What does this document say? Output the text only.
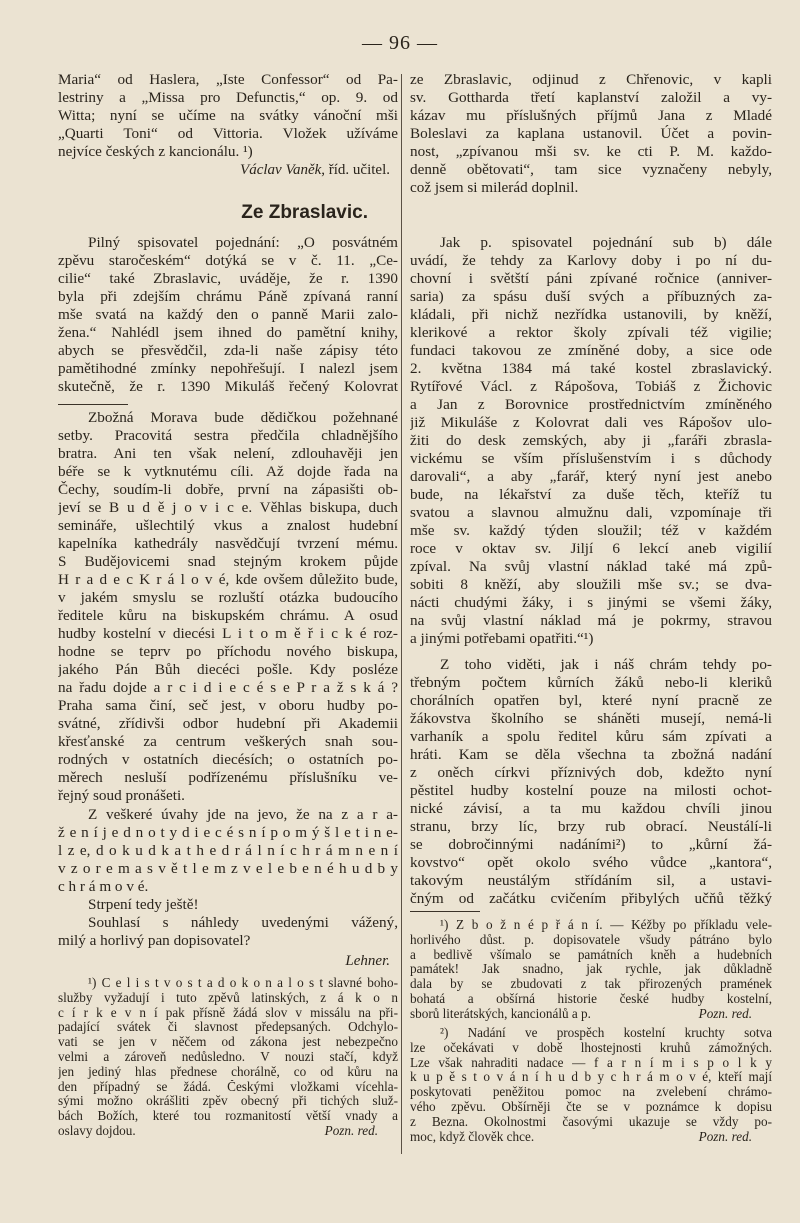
— 96 —
Václav Vaněk, říd. učitel.
Ze Zbraslavic.
Lehner.
Maria“ od Haslera, „Iste Confessor“ od Pa-
lestriny a „Missa pro Defunctis,“ op. 9. od
Witta; nyní se učíme na svátky vánoční mši
„Quarti Toni“ od Vittoria. Vložek užíváme
nejvíce českých z kancionálu. ¹)
Pilný spisovatel pojednání: „O posvátném
zpěvu staročeském“ dotýká se v č. 11. „Ce-
cilie“ také Zbraslavic, uváděje, že r. 1390
byla při zdejším chrámu Páně zpívaná ranní
mše svatá na každý den o panně Marii zalo-
žena.“ Nahlédl jsem ihned do pamětní knihy,
abych se přesvědčil, zda-li naše zápisy této
pamětihodné zmínky nepohřešují. I nalezl jsem
skutečně, že r. 1390 Mikuláš řečený Kolovrat
Zbožná Morava bude dědičkou požehnané
setby. Pracovitá sestra předčila chladnějšího
bratra. Ani ten však nelení, zdlouhavěji jen
béře se k vytknutému cíli. Až dojde řada na
Čechy, soudím-li dobře, první na zápasišti ob-
jeví se B u d ě j o v i c e. Věhlas biskupa, duch
semináře, ušlechtilý vkus a znalost hudební
kapelníka kathedrály nasvědčují tvrzení mému.
S Budějovicemi snad stejným krokem půjde
H r a d e c K r á l o v é, kde ovšem důležito bude,
v jakém smyslu se rozluští otázka budoucího
ředitele kůru na biskupském chrámu. A osud
hudby kostelní v diecési L i t o m ě ř i c k é roz-
hodne se teprv po příchodu nového biskupa,
jakého Pán Bůh diecéci pošle. Kdy posléze
na řadu dojde a r c i d i e c é s e P r a ž s k á ?
Praha sama činí, seč jest, v oboru hudby po-
svátné, zřídivši odbor hudební při Akademii
křesťanské za centrum veškerých snah sou-
rodných v ostatních diecésích; o ostatních po-
měrech nesluší podřízenému příslušníku ve-
řejný soud pronášeti.
Z veškeré úvahy jde na jevo, že na z a r a-
ž e n í j e d n o t y d i e c é s n í p o m ý š l e t i n e-
l z e, d o k u d k a t h e d r á l n í c h r á m n e n í
v z o r e m a s v ě t l e m z v e l e b e n é h u d b y
c h r á m o v é.
Strpení tedy ještě!
Souhlasí s náhledy uvedenými vážený,
milý a horlivý pan dopisovatel?
¹) C e l i s t v o s t a d o k o n a l o s t slavné boho-
služby vyžadují i tuto zpěvů latinských, z á k o n
c í r k e v n í pak přísně žádá slov v missálu na při-
padající svátek či slavnost předepsaných. Odchylo-
vati se jen v něčem od zákona jest nebezpečno
velmi a zároveň nedůsledno. V nouzi stačí, když
jen jediný hlas přednese chorálně, co od kůru na
den případný se žádá. Českými vložkami vícehla-
sými možno okrášliti zpěv obecný při tichých služ-
bách Božích, které tou rozmanitostí větší vnady a
Pozn. red.
oslavy dojdou.
ze Zbraslavic, odjinud z Chřenovic, v kapli
sv. Gottharda třetí kaplanství založil a vy-
kázav mu příslušných příjmů Jana z Mladé
Boleslavi za kaplana ustanovil. Účet a povin-
nost, „zpívanou mši sv. ke cti P. M. každo-
denně obětovati“, tam sice vyznačeny nebyly,
což jsem si milerád doplnil.
Jak p. spisovatel pojednání sub b) dále
uvádí, že tehdy za Karlovy doby i po ní du-
chovní i světští páni zpívané ročnice (anniver-
saria) za spásu duší svých a příbuzných za-
kládali, při nichž nezřídka ustanovili, by kněží,
klerikové a rektor školy zpívali též vigilie;
fundaci takovou ze zmíněné doby, a sice ode
2. května 1384 má také kostel zbraslavický.
Rytířové Václ. z Rápošova, Tobiáš z Žichovic
a Jan z Borovnice prostřednictvím zmíněného
již Mikuláše z Kolovrat dali ves Rápošov ulo-
žiti do desk zemských, aby ji „faráři zbrasla-
vickému se vším příslušenstvím i s důchody
darovali“, a aby „farář, který nyní jest anebo
bude, na lékařství za duše těch, kteříž tu
svatou a slavnou almužnu dali, vzpomínaje tři
mše sv. každý týden sloužil; též v každém
roce v oktav sv. Jiljí 6 lekcí aneb vigilií
zpíval. Na svůj vlastní náklad také má způ-
sobiti 8 kněží, aby sloužili mše sv.; se dva-
nácti chudými žáky, i s jinými se všemi žáky,
na svůj vlastní náklad má je pokrmy, stravou
a jinými potřebami opatřiti.“¹)
Z toho viděti, jak i náš chrám tehdy po-
třebným počtem kůrních žáků nebo-li kleriků
chorálních opatřen byl, které nyní pracně ze
žákovstva školního se sháněti musejí, nemá-li
varhaník a spolu ředitel kůru sám zpívati a
hráti. Kam se děla všechna ta zbožná nadání
z oněch církvi příznivých dob, kdežto nyní
pěstitel hudby kostelní pouze na milosti ochot-
nické závisí, a ta mu každou chvíli jinou
stranu, brzy líc, brzy rub obrací. Neustálí-li
se dobročinnými nadáními²) to „kůrní žá-
kovstvo“ opět okolo svého vůdce „kantora“,
takovým neustálým střídáním sil, a ustavi-
čným od začátku cvičením přibylých učňů těžký
¹) Z b o ž n é p ř á n í. — Kéžby po příkladu vele-
horlivého důst. p. dopisovatele všudy pátráno bylo
a bedlivě všímalo se památních kněh a hudebních
památek! Jak snadno, jak rychle, jak důkladně
dala by se zbudovati z tak přirozených pramének
bohatá a obšírná historie české hudby kostelní,
Pozn. red.
sborů literátských, kancionálů a p.
²) Nadání ve prospěch kostelní kruchty sotva
lze očekávati v době lhostejnosti kruhů zámožných.
Lze však nahraditi nadace — f a r n í m i s p o l k y
k u p ě s t o v á n í h u d b y c h r á m o v é, kteří mají
poskytovati peněžitou pomoc na zvelebení chrámo-
vého zpěvu. Obšírněji čte se v poznámce k dopisu
z Bezna. Okolnostmi časovými ukazuje se vždy po-
Pozn. red.
moc, když člověk chce.
